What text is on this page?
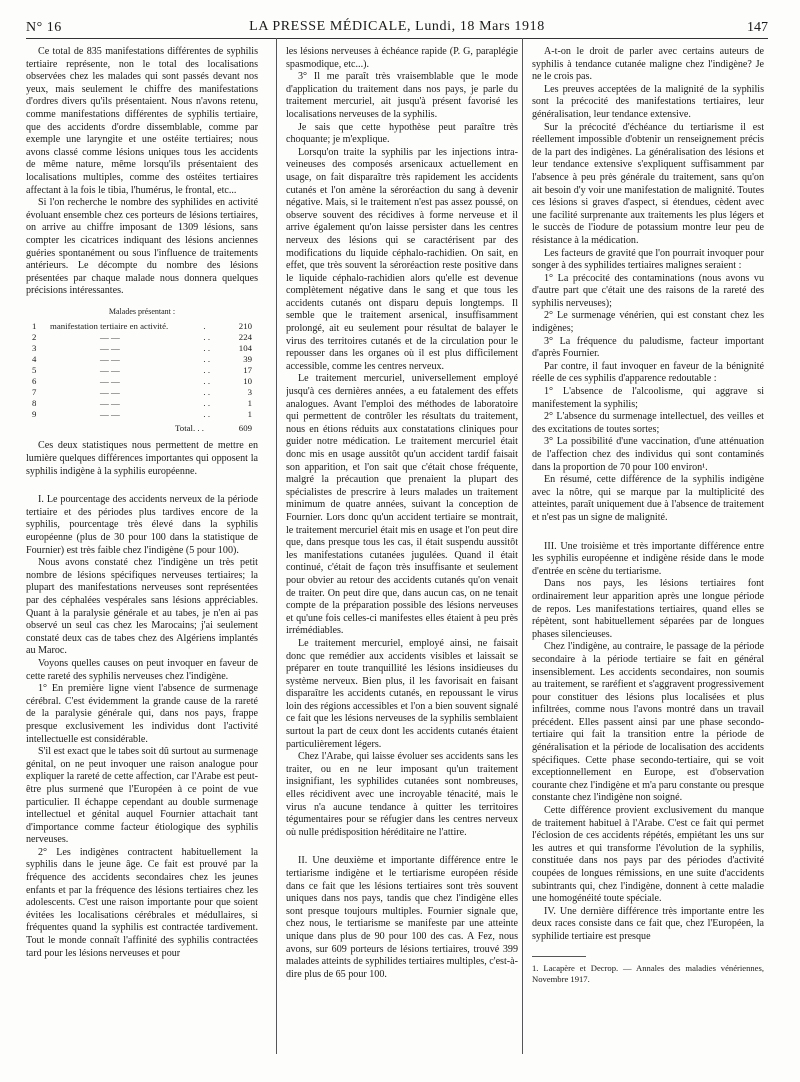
N° 16	LA PRESSE MÉDICALE, Lundi, 18 Mars 1918	147

Ce total de 835 manifestations différentes de syphilis tertiaire représente, non le total des localisations observées chez les malades qui sont passés devant nos yeux, mais seulement le chiffre des manifestations d'ordres divers qu'ils présentaient. Nous n'avons retenu, comme manifestations différentes de syphilis tertiaire, que des accidents d'ordre dissemblable, comme par exemple une laryngite et une ostéite tertiaires; nous avons classé comme lésions uniques tous les accidents de même nature, même lorsqu'ils présentaient des localisations multiples, comme des ostéites tertiaires affectant à la fois le tibia, l'humérus, le frontal, etc...

Si l'on recherche le nombre des syphilides en activité évoluant ensemble chez ces porteurs de lésions tertiaires, on arrive au chiffre imposant de 1309 lésions, sans compter les cicatrices indiquant des lésions anciennes guéries spontanément ou sous l'influence de traitements antérieurs. Le décompte du nombre des lésions présentées par chaque malade nous donnera quelques précisions intéressantes.

Malades présentant :
1	manifestation tertiaire en activité.	.	210
2	— —	. .	224
3	— —	. .	104
4	— —	. .	39
5	— —	. .	17
6	— —	. .	10
7	— —	. .	3
8	— —	. .	1
9	— —	. .	1
	Total. . .		609

Ces deux statistiques nous permettent de mettre en lumière quelques différences importantes qui opposent la syphilis indigène à la syphilis européenne.

I. Le pourcentage des accidents nerveux de la période tertiaire et des périodes plus tardives encore de la syphilis, pourcentage très élevé dans la syphilis européenne (plus de 30 pour 100 dans la statistique de Fournier) est très faible chez l'indigène (5 pour 100).

Nous avons constaté chez l'indigène un très petit nombre de lésions spécifiques nerveuses tertiaires; la plupart des manifestations nerveuses sont représentées par des céphalées vespérales sans lésions appréciables. Quant à la paralysie générale et au tabes, je n'en ai pas observé un seul cas chez les Marocains; j'ai seulement constaté deux cas de tabes chez des Algériens implantés au Maroc.

Voyons quelles causes on peut invoquer en faveur de cette rareté des syphilis nerveuses chez l'indigène.

1° En première ligne vient l'absence de surmenage cérébral. C'est évidemment la grande cause de la rareté de la paralysie générale qui, dans nos pays, frappe presque exclusivement les individus dont l'activité intellectuelle est considérable.

S'il est exact que le tabes soit dû surtout au surmenage génital, on ne peut invoquer une raison analogue pour expliquer la rareté de cette affection, car l'Arabe est peut-être plus surmené que l'Européen à ce point de vue particulier. Il échappe cependant au double surmenage intellectuel et génital auquel Fournier attachait tant d'importance comme facteur étiologique des syphilis nerveuses.

2° Les indigènes contractent habituellement la syphilis dans le jeune âge. Ce fait est prouvé par la fréquence des accidents secondaires chez les jeunes enfants et par la fréquence des lésions tertiaires chez les adolescents. C'est une raison importante pour que soient évitées les localisations cérébrales et médullaires, si fréquentes quand la syphilis est contractée tardivement. Tout le monde connaît l'affinité des syphilis contractées tard pour les lésions nerveuses et pour

les lésions nerveuses à échéance rapide (P. G, paraplégie spasmodique, etc...).

3° Il me paraît très vraisemblable que le mode d'application du traitement dans nos pays, je parle du traitement mercuriel, ait jusqu'à présent favorisé les localisations nerveuses de la syphilis.

Je sais que cette hypothèse peut paraître très choquante; je m'explique.

Lorsqu'on traite la syphilis par les injections intra-veineuses des composés arsenicaux actuellement en usage, on fait disparaître très rapidement les accidents cutanés et l'on amène la séroréaction du sang à devenir négative. Mais, si le traitement n'est pas assez poussé, on observe souvent des récidives à forme nerveuse et il arrive également qu'on laisse persister dans les centres nerveux des lésions qui se caractérisent par des modifications du liquide céphalo-rachidien. On sait, en effet, que très souvent la séroréaction reste positive dans le liquide céphalo-rachidien alors qu'elle est devenue complètement négative dans le sang et que tous les accidents cutanés ont disparu depuis longtemps. Il semble que le traitement arsenical, insuffisamment prolongé, ait eu seulement pour résultat de balayer le virus des territoires cutanés et de la circulation pour le repousser dans les organes où il est plus difficilement accessible, comme les centres nerveux.

Le traitement mercuriel, universellement employé jusqu'à ces dernières années, a eu fatalement des effets analogues. Avant l'emploi des méthodes de laboratoire qui permettent de contrôler les résultats du traitement, nous en étions réduits aux constatations cliniques pour guider notre médication. Le traitement mercuriel était donc mis en usage aussitôt qu'un accident tardif faisait son apparition, et l'on sait que c'était chose fréquente, malgré la précaution que prenaient la plupart des spécialistes de prescrire à leurs malades un traitement minimum de quatre années, suivant la conception de Fournier. Lors donc qu'un accident tertiaire se montrait, le traitement mercuriel était mis en usage et l'on peut dire que, dans presque tous les cas, il était suspendu aussitôt les manifestations cutanées jugulées. Quand il était continué, c'était de façon très insuffisante et seulement pour obvier au retour des accidents cutanés qu'on venait de traiter. On peut dire que, dans aucun cas, on ne tenait compte de la préparation possible des lésions nerveuses et qu'une fois celles-ci manifestes elles étaient à peu près irrémédiables.

Le traitement mercuriel, employé ainsi, ne faisait donc que remédier aux accidents visibles et laissait se préparer en toute tranquillité les lésions insidieuses du système nerveux. Bien plus, il les favorisait en faisant disparaître les accidents cutanés, en repoussant le virus loin des régions accessibles et l'on a bien souvent signalé ce fait que les lésions nerveuses de la syphilis semblaient surtout la part de ceux dont les accidents cutanés étaient particulièrement légers.

Chez l'Arabe, qui laisse évoluer ses accidents sans les traiter, ou en ne leur imposant qu'un traitement insignifiant, les syphilides cutanées sont nombreuses, elles récidivent avec une incroyable ténacité, mais le virus n'a aucune tendance à quitter les territoires tégumentaires pour se réfugier dans les centres nerveux où nulle prédisposition héréditaire ne l'attire.

II. Une deuxième et importante différence entre le tertiarisme indigène et le tertiarisme européen réside dans ce fait que les lésions tertiaires sont très souvent uniques dans nos pays, tandis que chez l'indigène elles sont presque toujours multiples. Fournier signale que, chez nous, le tertiarisme se manifeste par une atteinte unique dans plus de 90 pour 100 des cas. A Fez, nous avons, sur 609 porteurs de lésions tertiaires, trouvé 399 malades atteints de syphilides tertiaires multiples, c'est-à-dire plus de 65 pour 100.

A-t-on le droit de parler avec certains auteurs de syphilis à tendance cutanée maligne chez l'indigène? Je ne le crois pas.

Les preuves acceptées de la malignité de la syphilis sont la précocité des manifestations tertiaires, leur généralisation, leur tendance extensive.

Sur la précocité d'échéance du tertiarisme il est réellement impossible d'obtenir un renseignement précis de la part des indigènes. La généralisation des lésions et leur tendance extensive s'expliquent suffisamment par l'absence à peu près générale du traitement, sans qu'on ait besoin d'y voir une manifestation de malignité. Toutes ces lésions si graves d'aspect, si étendues, cèdent avec une facilité surprenante aux traitements les plus légers et le succès de l'iodure de potassium montre leur peu de résistance à la médication.

Les facteurs de gravité que l'on pourrait invoquer pour songer à des syphilides tertiaires malignes seraient :

1° La précocité des contaminations (nous avons vu d'autre part que c'était une des raisons de la rareté des syphilis nerveuses);

2° Le surmenage vénérien, qui est constant chez les indigènes;

3° La fréquence du paludisme, facteur important d'après Fournier.

Par contre, il faut invoquer en faveur de la bénignité réelle de ces syphilis d'apparence redoutable :

1° L'absence de l'alcoolisme, qui aggrave si manifestement la syphilis;

2° L'absence du surmenage intellectuel, des veilles et des excitations de toutes sortes;

3° La possibilité d'une vaccination, d'une atténuation de l'affection chez des individus qui sont contaminés dans la proportion de 70 pour 100 environ¹.

En résumé, cette différence de la syphilis indigène avec la nôtre, qui se marque par la multiplicité des atteintes, paraît uniquement due à l'absence de traitement et n'est pas un signe de malignité.

III. Une troisième et très importante différence entre les syphilis européenne et indigène réside dans le mode d'entrée en scène du tertiarisme.

Dans nos pays, les lésions tertiaires font ordinairement leur apparition après une longue période de repos. Les manifestations tertiaires, quand elles se répètent, sont habituellement séparées par de longues phases silencieuses.

Chez l'indigène, au contraire, le passage de la période secondaire à la période tertiaire se fait en général insensiblement. Les accidents secondaires, non soumis au traitement, se raréfient et s'aggravent progressivement pour constituer des lésions plus localisées et plus infiltrées, comme nous l'avons montré dans un travail précédent. Elles passent ainsi par une phase secondo-tertiaire qui fait la transition entre la période de généralisation et la période de localisation des accidents spécifiques. Cette phase secondo-tertiaire, qui se voit exceptionnellement en Europe, est d'observation courante chez l'indigène et m'a paru constante ou presque constante chez l'indigène non soigné.

Cette différence provient exclusivement du manque de traitement habituel à l'Arabe. C'est ce fait qui permet l'éclosion de ces accidents répétés, empiétant les uns sur les autres et qui transforme l'évolution de la syphilis, constituée dans nos pays par des périodes d'activité coupées de longues rémissions, en une suite d'accidents subintrants qui, chez l'indigène, donnent à cette maladie une homogénéité toute spéciale.

IV. Une dernière différence très importante entre les deux races consiste dans ce fait que, chez l'Européen, la syphilide tertiaire est presque

1. Lacapère et Decrop. — Annales des maladies vénériennes, Novembre 1917.
